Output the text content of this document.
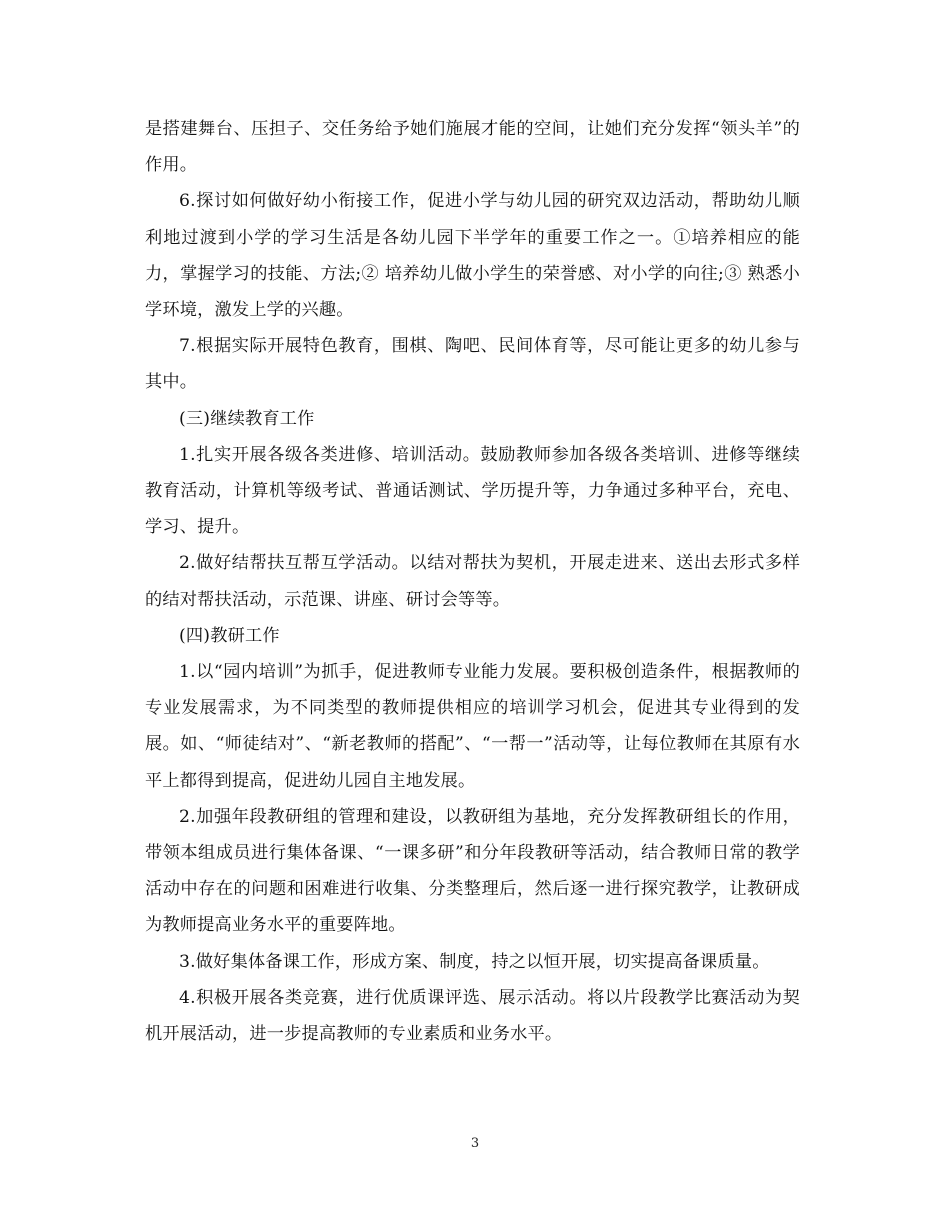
是搭建舞台、压担子、交任务给予她们施展才能的空间，让她们充分发挥“领头羊”的作用。

6.探讨如何做好幼小衔接工作，促进小学与幼儿园的研究双边活动，帮助幼儿顺利地过渡到小学的学习生活是各幼儿园下半学年的重要工作之一。①培养相应的能力，掌握学习的技能、方法;② 培养幼儿做小学生的荣誉感、对小学的向往;③ 熟悉小学环境，激发上学的兴趣。

7.根据实际开展特色教育，围棋、陶吧、民间体育等，尽可能让更多的幼儿参与其中。

(三)继续教育工作

1.扎实开展各级各类进修、培训活动。鼓励教师参加各级各类培训、进修等继续教育活动，计算机等级考试、普通话测试、学历提升等，力争通过多种平台，充电、学习、提升。

2.做好结帮扶互帮互学活动。以结对帮扶为契机，开展走进来、送出去形式多样的结对帮扶活动，示范课、讲座、研讨会等等。

(四)教研工作

1.以“园内培训”为抓手，促进教师专业能力发展。要积极创造条件，根据教师的专业发展需求，为不同类型的教师提供相应的培训学习机会，促进其专业得到的发展。如、“师徒结对”、“新老教师的搭配”、“一帮一”活动等，让每位教师在其原有水平上都得到提高，促进幼儿园自主地发展。

2.加强年段教研组的管理和建设，以教研组为基地，充分发挥教研组长的作用，带领本组成员进行集体备课、“一课多研”和分年段教研等活动，结合教师日常的教学活动中存在的问题和困难进行收集、分类整理后，然后逐一进行探究教学，让教研成为教师提高业务水平的重要阵地。

3.做好集体备课工作，形成方案、制度，持之以恒开展，切实提高备课质量。

4.积极开展各类竞赛，进行优质课评选、展示活动。将以片段教学比赛活动为契机开展活动，进一步提高教师的专业素质和业务水平。

3
